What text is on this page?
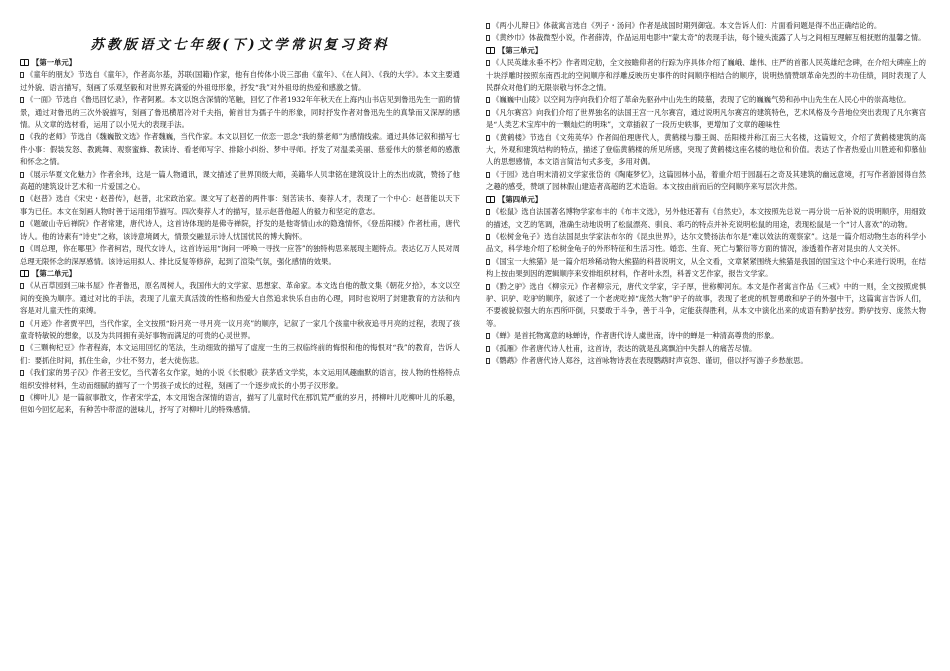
苏教版语文七年级(下)文学常识复习资料
【第一单元】
《童年的朋友》节选自《童年》，作者高尔基，苏联(国籍)作家，他有自传体小说三部曲《童年》、《在人间》、《我的大学》。本文主要通过外貌、语言描写，刻画了乐观坚毅和对世界充满爱的外祖母形象，抒发“我”对外祖母的热爱和感激之情。
《一面》节选自《鲁迅回忆录》，作者阿累。本文以饱含深情的笔触，回忆了作者1932年年秋天在上海内山书店见到鲁迅先生一面的情景，通过对鲁迅的三次外貌描写，刻画了鲁迅横眉冷对千夫指，俯首甘为孺子牛的形象，同时抒发作者对鲁迅先生的真挚而又深厚的感情。从文章的选材看，运用了以小见大的表现手法。
《我的老师》节选自《魏巍散文选》作者魏巍，当代作家。本文以回忆一依恋一思念“我的蔡老师”为感情线索。通过具体记叙和描写七件小事：假装发怒、教跳舞、观察蜜蜂、教读诗、看老师写字、排除小纠纷、梦中寻师。抒发了对温柔美丽、慈爱伟大的蔡老师的感激和怀念之情。
《展示华夏文化魅力》作者余玮，这是一篇人物通讯，课文描述了世界顶级大师，美籍华人贝聿铭在建筑设计上的杰出成就，赞扬了他高超的建筑设计艺术和一片爱国之心。
《赵普》选自《宋史・赵普传》，赵普，北宋政治家。课文写了赵普的两件事：刻苦读书、奏荐人才，表现了一个中心：赵普能以天下事为已任。本文在刻画人物时善于运用细节描写。四次奏荐人才的描写，显示赵普他超人的毅力和坚定的意志。
《题破山寺后禅院》作者常建，唐代诗人，这首诗体现的是佛寺禅院，抒发的是他寄情山水的隐逸情怀，《登岳阳楼》作者杜甫，唐代诗人。他的诗素有“诗史”之称，该诗意境阔大，情景交融显示诗人忧国忧民的博大胸怀。
《周总理，你在哪里》作者柯岩，现代女诗人，这首诗运用“询问一呼唤一寻找一应答”的独特构思来展现主题特点。表达亿万人民对周总理无限怀念的深厚感情。该诗运用拟人、排比反复等修辞，起到了渲染气氛，强化感情的效果。
【第二单元】
《从百草园到三味书屋》作者鲁迅，原名周树人，我国伟大的文学家、思想家、革命家。本文选自他的散文集《朝花夕拾》，本文以空间的变换为顺序。通过对比的手法，表现了儿童天真活泼的性格和热爱大自然追求快乐自由的心理，同时也说明了封建教育的方法和内容是对儿童天性的束缚。
《月迹》作者贾平凹，当代作家，全文按照“盼月亮一寻月亮一议月亮”的顺序，记叙了一家几个孩童中秋夜追寻月亮的过程，表现了孩童奇特敏锐的想象，以及为共同拥有美好事物而满足的可贵的心灵世界。
《三颗枸杞豆》作者程海，本文运用回忆的笔法，生动细致的描写了虚度一生的三叔临终前的悔恨和他的悔恨对“我”的教育，告诉人们：要抓住时间，抓住生命，少壮不努力，老大徒伤悲。
《我们家的男子汉》作者王安忆，当代著名女作家，她的小说《长恨歌》获茅盾文学奖，本文运用风趣幽默的语言，按人物的性格特点组织安排材料，生动而细腻的描写了一个男孩子成长的过程，刻画了一个逐步成长的小男子汉形象。
《柳叶儿》是一篇叙事散文，作者宋学孟，本文用饱含深情的语言，描写了儿童时代在那饥荒严重的岁月，捋柳叶儿吃柳叶儿的乐趣，但如今回忆起来，有种苦中带涩的滋味儿，抒写了对柳叶儿的特殊感情。
《两小儿辩日》体裁寓言选自《列子・汤问》作者是战国时期列御寇。本文告诉人们：片面看问题是得不出正确结论的。
《黄纱巾》体裁微型小说，作者薛涛，作品运用电影中“蒙太奇”的表现手法，每个镜头流露了人与之间相互理解互相抚慰的温馨之情。
【第三单元】
《人民英雄永垂不朽》作者周定舫，全文按瞻仰者的行踪为序具体介绍了巍峨、雄伟、庄严的首都人民英雄纪念碑，在介绍大碑座上的十块浮雕时按照东南西北的空间顺序和浮雕反映历史事件的时间顺序相结合的顺序，说明热情赞颂革命先烈的丰功佳绩，同时表现了人民群众对他们的无限崇敬与怀念之情。
《巍巍中山陵》以空间为序向我们介绍了革命先驱孙中山先生的陵墓，表现了它的巍巍气势和孙中山先生在人民心中的崇高地位。
《凡尔赛宫》向我们介绍了世界独名的法国王宫一凡尔赛宫，通过说明凡尔赛宫的建筑特色，艺术风格及今昔地位突出表现了凡尔赛宫是“人类艺术宝库中的一颗灿烂的明珠”，文章插叙了一段历史轶事，更增加了文章的趣味性
《黄鹤楼》节选自《文苑英华》作者阎伯理唐代人，黄鹤楼与滕王阁、岳阳楼并称江南三大名楼，这篇短文，介绍了黄鹤楼建筑的高大，外观和建筑结构的特点，描述了登临黄鹤楼的所见所感，突现了黄鹤楼这座名楼的地位和价值。表达了作者热爱山川胜迹和仰慕仙人的思想感情，本文语言简洁句式多变，多用对偶。
《于园》选自明末清初文学家张岱的《陶庵梦忆》，这篇园林小品，着重介绍于园磊石之奇及其建筑的幽远意境，打写作者游园得自然之趣的感受，赞颂了园林假山建造者高超的艺术造诣。本文按由前而后的空间顺序来写层次井然。
【第四单元】
《松鼠》选自法国著名博物学家布丰的《布丰文选》，另外他还著有《自然史》，本文按照先总说一再分说一后补说的说明顺序，用细致的描述，文艺的笔调，准确生动地说明了松鼠漂亮、驯良、乖巧的特点并补充说明松鼠的用途，表现松鼠是一个“讨人喜欢”的动物。
《松树金龟子》选自法国昆虫学家法布尔的《昆虫世界》，达尔文赞扬法布尔是“难以效法的观察家”。这是一篇介绍动物生态的科学小品文，科学地介绍了松树金龟子的外形特征和生活习性。婚恋、生育、死亡与繁衍等方面的情况，渗透着作者对昆虫的人文关怀。
《国宝一大熊猫》是一篇介绍珍稀动物大熊猫的科普说明文，从全文看，文章紧紧围绕大熊猫是我国的国宝这个中心来进行说明，在结构上按由果到因的逻辑顺序来安排组织材料，作者叶永烈，科普文艺作家，报告文学家。
《黔之驴》选自《柳宗元》作者柳宗元，唐代文学家，字子厚，世称柳河东。本文是作者寓言作品《三戒》中的一则，全文按照虎惧驴、识驴、吃驴的顺序，叙述了一个老虎吃掉“庞然大物”驴子的故事，表现了老虎的机智勇敢和驴子的外强中干，这篇寓言告诉人们，不要被貌似强大的东西所吓倒，只要敢于斗争，善于斗争，定能获得胜利，从本文中演化出来的成语有黔驴技穷。黔驴技穷、庞然大物等。
《蝉》是首托物寓意的咏蝉诗，作者唐代诗人虞世南，诗中的蝉是一种清高尊贵的形象。
《孤雁》作者唐代诗人杜甫，这首诗，表达的就是乱离飘泊中失群人的痛苦尽情。
《鹦鹉》作者唐代诗人郑谷，这首咏物诗表在表现鹦鹉时声哀怨、谨切，借以抒写游子乡愁旅思。
